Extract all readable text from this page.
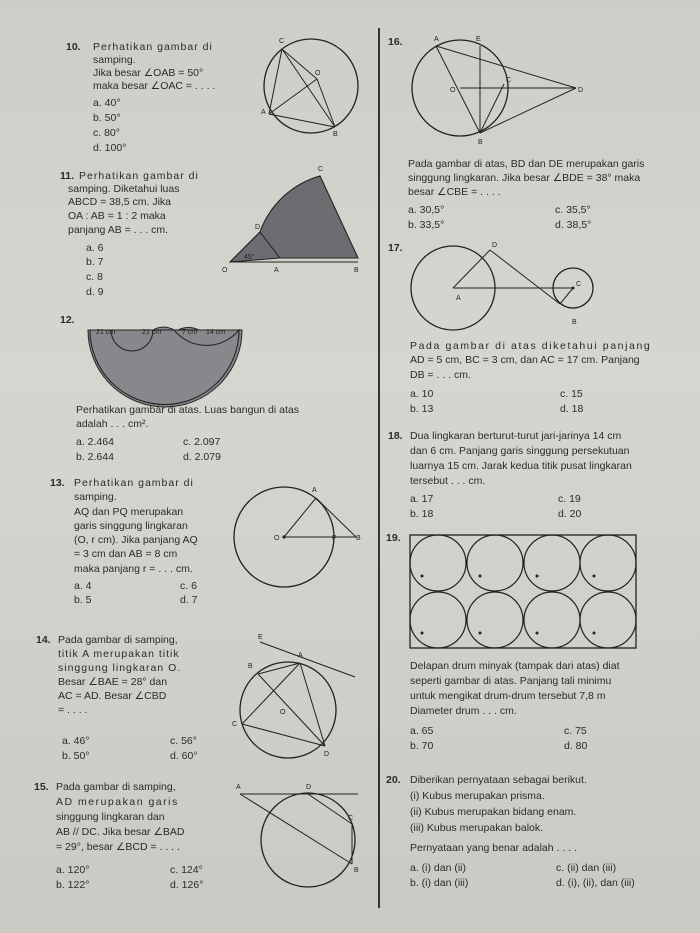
10. Perhatikan gambar di
samping.
Jika besar ∠OAB = 50°
maka besar ∠OAC = . . . .
a. 40°
b. 50°
c. 80°
d. 100°
C
O
A
B
11. Perhatikan gambar di
samping. Diketahui luas
ABCD = 38,5 cm. Jika
OA : AB = 1 : 2 maka
panjang AB = . . . cm.
a. 6
b. 7
c. 8
d. 9
C
D
O	A	B
45°
12.
21 cm	21 cm	7 cm 14 cm
Perhatikan gambar di atas. Luas bangun di atas
adalah . . . cm².
a. 2.464	c. 2.097
b. 2.644	d. 2.079
13. Perhatikan gambar di
samping.
AQ dan PQ merupakan
garis singgung lingkaran
(O, r cm). Jika panjang AQ
= 3 cm dan AB = 8 cm
maka panjang r = . . . cm.
a. 4	c. 6
b. 5	d. 7
A
O	P	B
14. Pada gambar di samping,
titik A merupakan titik
singgung lingkaran O.
Besar ∠BAE = 28° dan
AC = AD. Besar ∠CBD
= . . . .
a. 46°	c. 56°
b. 50°	d. 60°
E
A
B
O
C
D
15. Pada gambar di samping,
AD merupakan garis
singgung lingkaran dan
AB // DC. Jika besar ∠BAD
= 29°, besar ∠BCD = . . . .
a. 120°	c. 124°
b. 122°	d. 126°
A	D
C
B
16.	A	E
O
C
D
B
Pada gambar di atas, BD dan DE merupakan garis
singgung lingkaran. Jika besar ∠BDE = 38° maka
besar ∠CBE = . . . .
a. 30,5°	c. 35,5°
b. 33,5°	d. 38,5°
17.	D
A
C
B
Pada gambar di atas diketahui panjang
AD = 5 cm, BC = 3 cm, dan AC = 17 cm. Panjang
DB = . . . cm.
a. 10	c. 15
b. 13	d. 18
18. Dua lingkaran berturut-turut jari-jarinya 14 cm
dan 6 cm. Panjang garis singgung persekutuan
luarnya 15 cm. Jarak kedua titik pusat lingkaran
tersebut . . . cm.
a. 17	c. 19
b. 18	d. 20
19.
Delapan drum minyak (tampak dari atas) diat
seperti gambar di atas. Panjang tali minimu
untuk mengikat drum-drum tersebut 7,8 m
Diameter drum . . . cm.
a. 65	c. 75
b. 70	d. 80
20. Diberikan pernyataan sebagai berikut.
(i) Kubus merupakan prisma.
(ii) Kubus merupakan bidang enam.
(iii) Kubus merupakan balok.
Pernyataan yang benar adalah . . . .
a. (i) dan (ii)	c. (ii) dan (iii)
b. (i) dan (iii)	d. (i), (ii), dan (iii)
